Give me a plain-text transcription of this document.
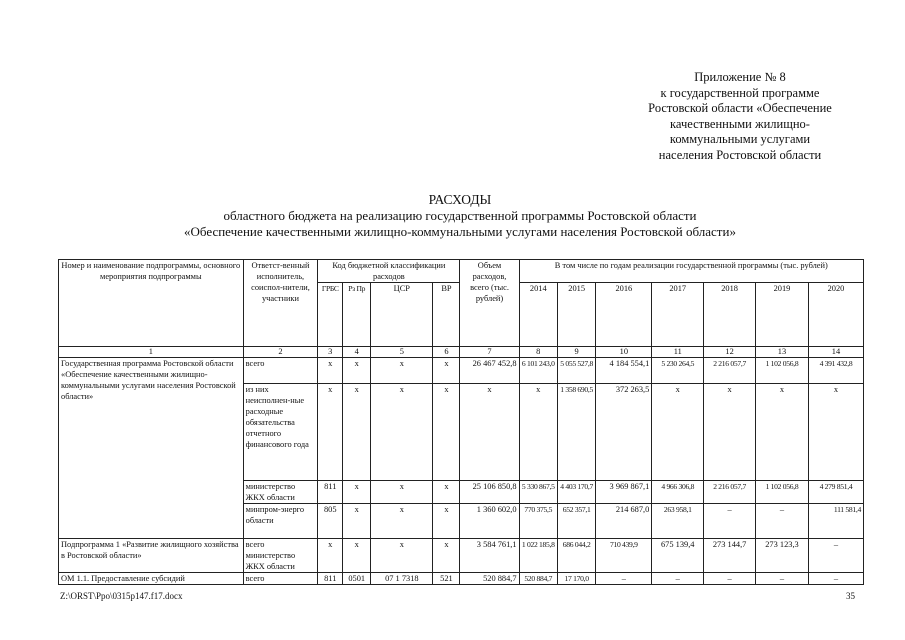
Приложение № 8
к государственной программе
Ростовской области «Обеспечение
качественными жилищно-
коммунальными услугами
населения Ростовской области
РАСХОДЫ
областного бюджета на реализацию государственной программы Ростовской области
«Обеспечение качественными жилищно-коммунальными услугами населения Ростовской области»
Номер и наименование подпрограммы, основного мероприятия подпрограммы	Ответст-венный исполнитель, соиспол-нители, участники	Код бюджетной классификации расходов				Объем расходов, всего (тыс. рублей)	В том числе по годам реализации государственной программы (тыс. рублей)						
		ГРБС	Рз Пр	ЦСР	ВР		2014	2015	2016	2017	2018	2019	2020
1	2	3	4	5	6	7	8	9	10	11	12	13	14
Государственная программа Ростовской области «Обеспечение качественными жилищно-коммунальными услугами населения Ростовской области»	всего	х	х	х	х	26 467 452,8	6 101 243,0	5 055 527,8	4 184 554,1	5 230 264,5	2 216 057,7	1 102 056,8	4 391 432,8
	из них неисполнен-ные расходные обязательства отчетного финансового года	х	х	х	х	х	х	1 358 690,5	372 263,5	х	х	х	х
	министерство ЖКХ области	811	х	х	х	25 106 850,8	5 330 867,5	4 403 170,7	3 969 867,1	4 966 306,8	2 216 057,7	1 102 056,8	4 279 851,4
	минпром-энерго области	805	х	х	х	1 360 602,0	770 375,5	652 357,1	214 687,0	263 958,1	–	–	111 581,4
Подпрограмма 1 «Развитие жилищного хозяйства в Ростовской области»	всего министерство ЖКХ области	х	х	х	х	3 584 761,1	1 022 185,8	686 044,2	710 439,9	675 139,4	273 144,7	273 123,3	–
ОМ 1.1. Предоставление субсидий	всего	811	0501	07 1 7318	521	520 884,7	520 884,7	17 170,0	–	–	–	–	–
Z:\ORST\Ppo\0315p147.f17.docx	35
